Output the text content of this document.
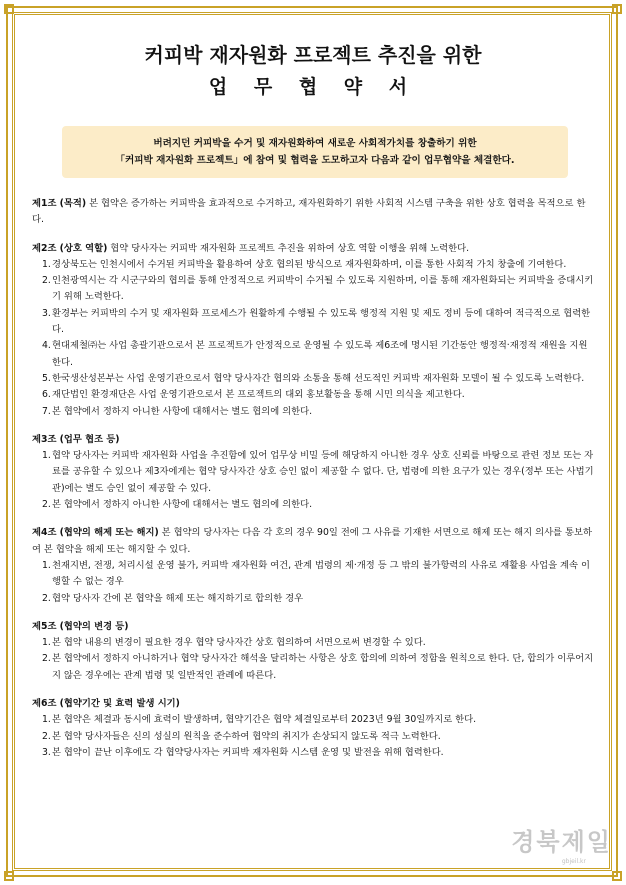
커피박 재자원화 프로젝트 추진을 위한
업 무 협 약 서
버려지던 커피박을 수거 및 재자원화하여 새로운 사회적가치를 창출하기 위한
「커피박 재자원화 프로젝트」에 참여 및 협력을 도모하고자 다음과 같이 업무협약을 체결한다.

제1조 (목적) 본 협약은 증가하는 커피박을 효과적으로 수거하고, 재자원화하기 위한 사회적 시스템 구축을 위한 상호 협력을 목적으로 한다.

제2조 (상호 역할) 협약 당사자는 커피박 재자원화 프로젝트 추진을 위하여 상호 역할 이행을 위해 노력한다.

1.경상북도는 인천시에서 수거된 커피박을 활용하여 상호 협의된 방식으로 재자원화하며, 이를 통한 사회적 가치 창출에 기여한다.
2.인천광역시는 각 시군구와의 협의를 통해 안정적으로 커피박이 수거될 수 있도록 지원하며, 이를 통해 재자원화되는 커피박을 증대시키기 위해 노력한다.
3.환경부는 커피박의 수거 및 재자원화 프로세스가 원활하게 수행될 수 있도록 행정적 지원 및 제도 정비 등에 대하여 적극적으로 협력한다.
4.현대제철㈜는 사업 총괄기관으로서 본 프로젝트가 안정적으로 운영될 수 있도록 제6조에 명시된 기간동안 행정적·재정적 재원을 지원한다.
5.한국생산성본부는 사업 운영기관으로서 협약 당사자간 협의와 소통을 통해 선도적인 커피박 재자원화 모델이 될 수 있도록 노력한다.
6.재단법인 환경재단은 사업 운영기관으로서 본 프로젝트의 대외 홍보활동을 통해 시민 의식을 제고한다.
7.본 협약에서 정하지 아니한 사항에 대해서는 별도 협의에 의한다.

제3조 (업무 협조 등)

1.협약 당사자는 커피박 재자원화 사업을 추진함에 있어 업무상 비밀 등에 해당하지 아니한 경우 상호 신뢰를 바탕으로 관련 정보 또는 자료를 공유할 수 있으나 제3자에게는 협약 당사자간 상호 승인 없이 제공할 수 없다. 단, 법령에 의한 요구가 있는 경우(정부 또는 사법기관)에는 별도 승인 없이 제공할 수 있다.
2.본 협약에서 정하지 아니한 사항에 대해서는 별도 협의에 의한다.

제4조 (협약의 해제 또는 해지) 본 협약의 당사자는 다음 각 호의 경우 90일 전에 그 사유를 기재한 서면으로 해제 또는 해지 의사를 통보하여 본 협약을 해제 또는 해지할 수 있다.

1.천재지변, 전쟁, 처리시설 운영 불가, 커피박 재자원화 여건, 관계 법령의 제·개정 등 그 밖의 불가항력의 사유로 재활용 사업을 계속 이행할 수 없는 경우
2.협약 당사자 간에 본 협약을 해제 또는 해지하기로 합의한 경우

제5조 (협약의 변경 등)

1.본 협약 내용의 변경이 필요한 경우 협약 당사자간 상호 협의하여 서면으로써 변경할 수 있다.
2.본 협약에서 정하지 아니하거나 협약 당사자간 해석을 달리하는 사항은 상호 합의에 의하여 정함을 원칙으로 한다. 단, 합의가 이루어지지 않은 경우에는 관계 법령 및 일반적인 관례에 따른다.

제6조 (협약기간 및 효력 발생 시기)

1.본 협약은 체결과 동시에 효력이 발생하며, 협약기간은 협약 체결일로부터 2023년 9월 30일까지로 한다.
2.본 협약 당사자들은 신의 성실의 원칙을 준수하여 협약의 취지가 손상되지 않도록 적극 노력한다.
3.본 협약이 끝난 이후에도 각 협약당사자는 커피박 재자원화 시스템 운영 및 발전을 위해 협력한다.
경북제일
gbjeil.kr
